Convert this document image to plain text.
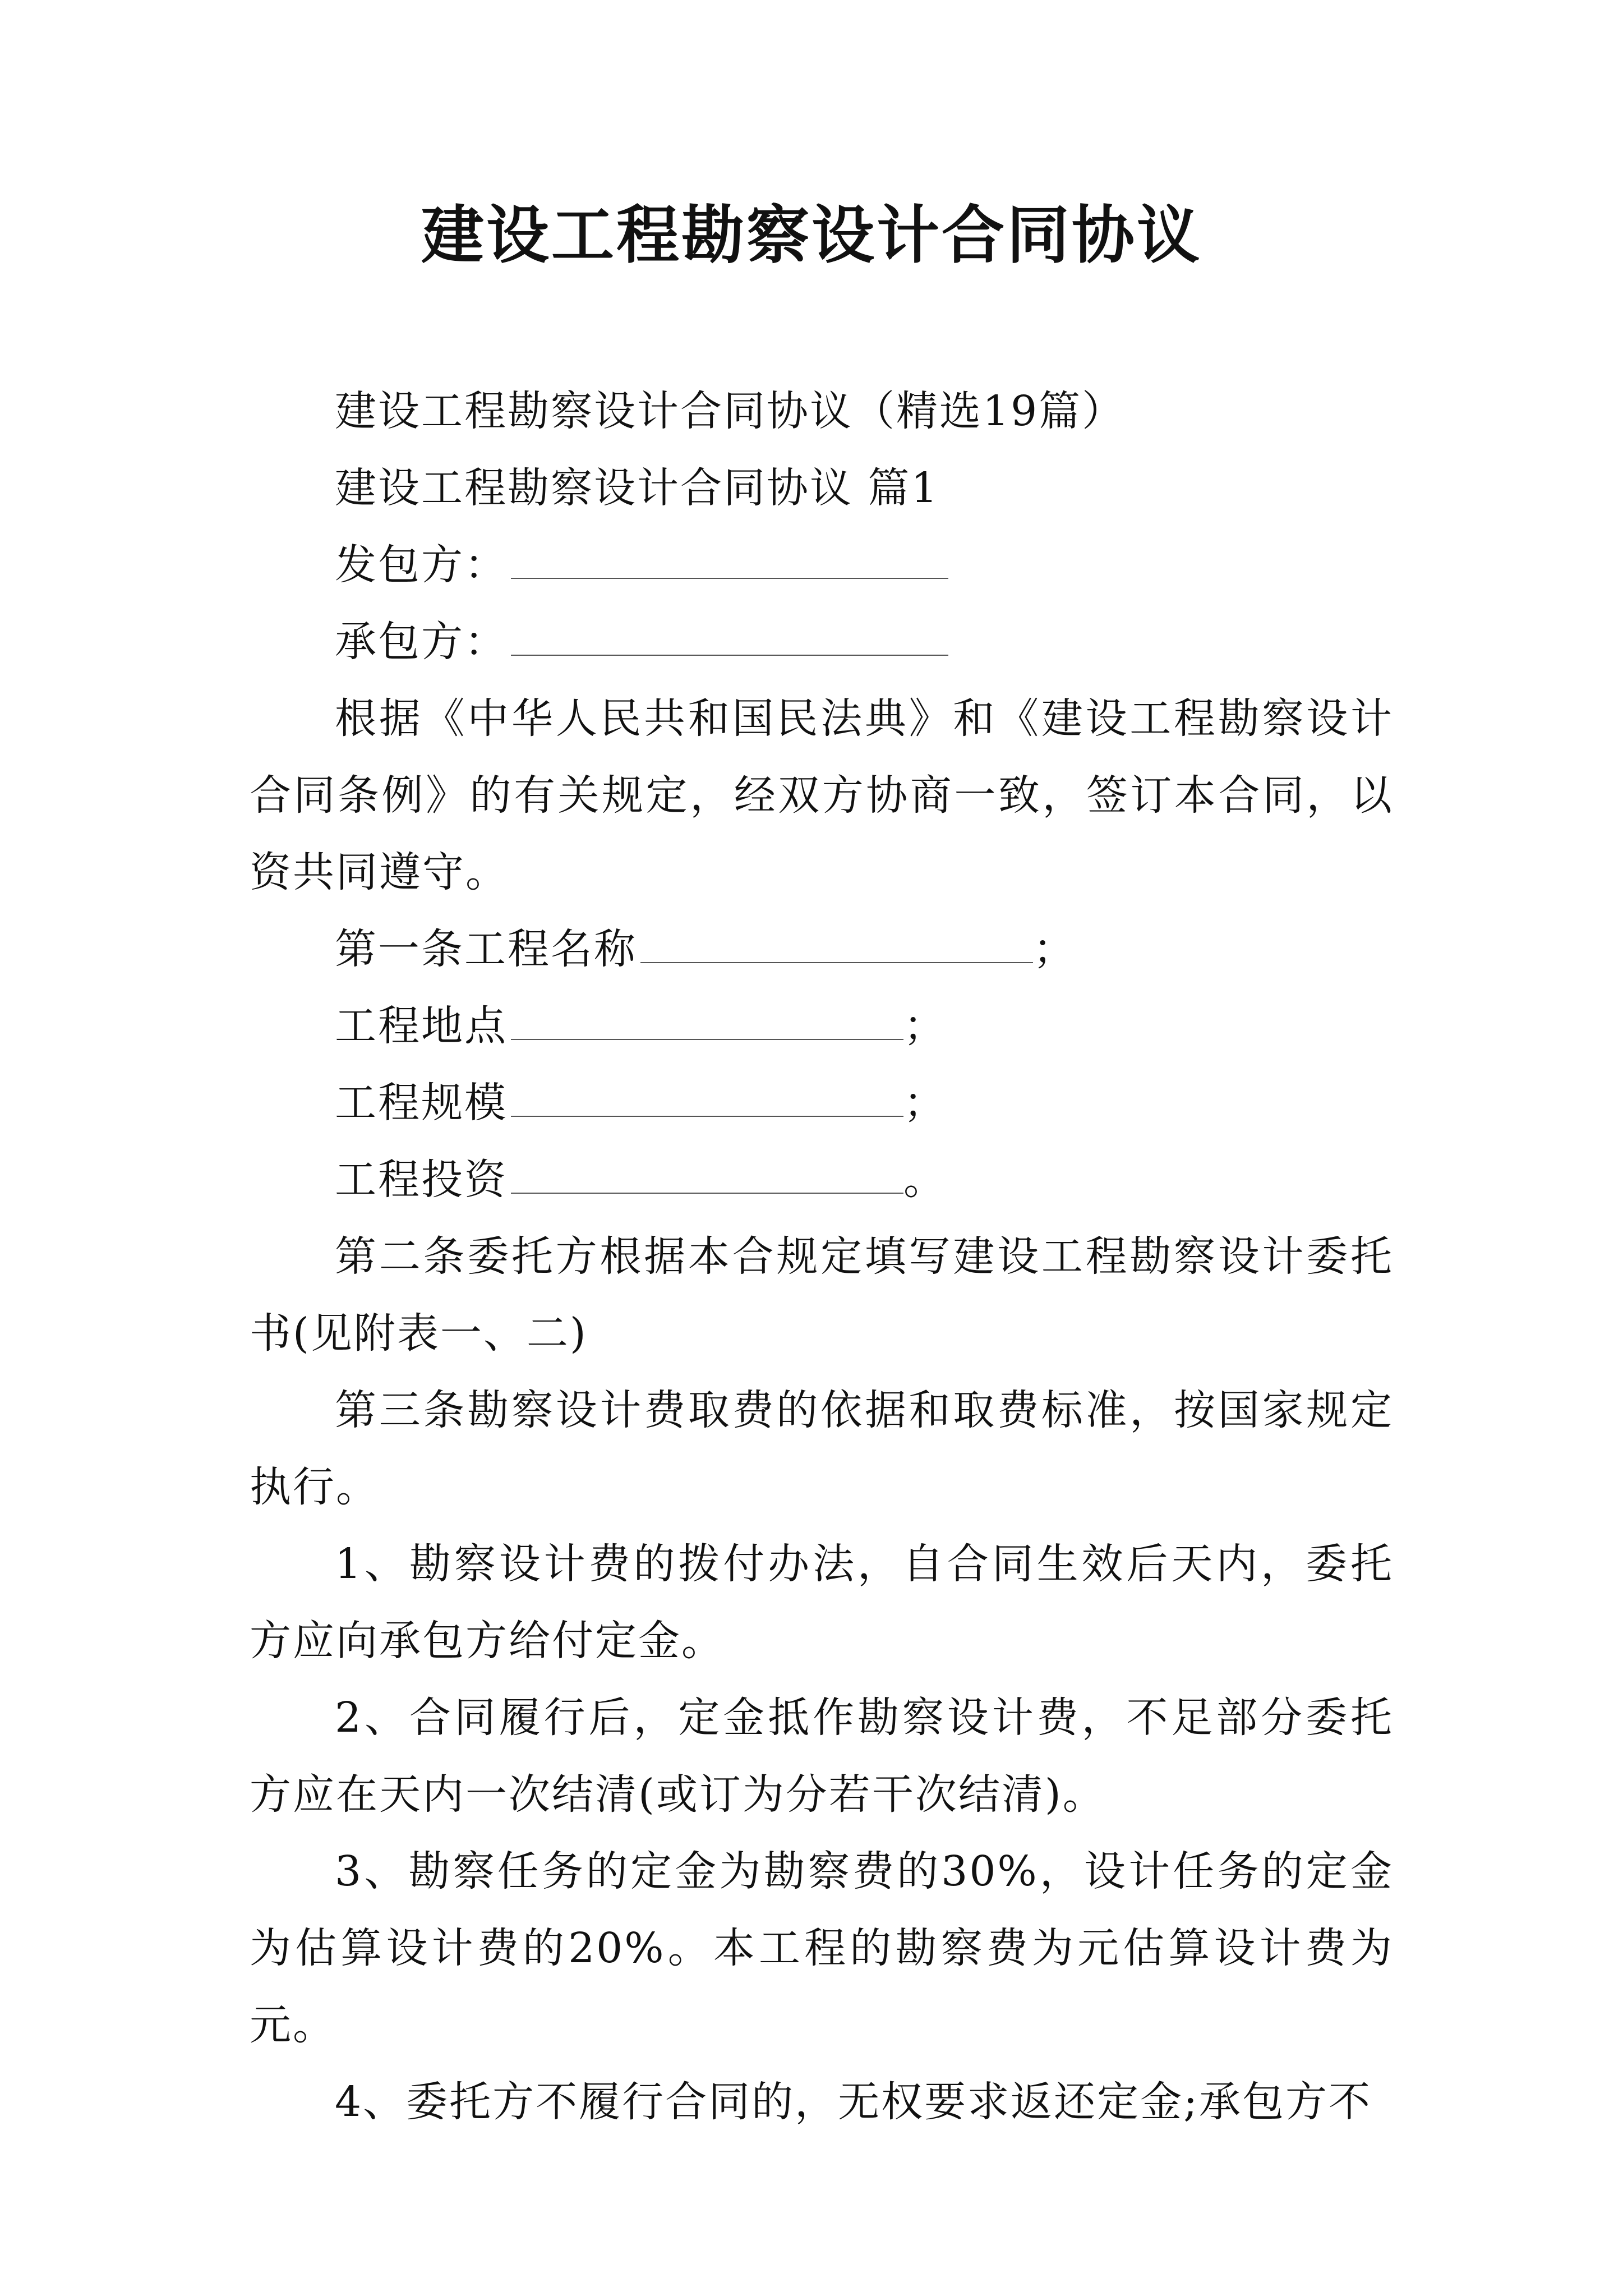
建设工程勘察设计合同协议

建设工程勘察设计合同协议（精选19篇）

建设工程勘察设计合同协议 篇1

发包方：

承包方：

根据《中华人民共和国民法典》和《建设工程勘察设计合同条例》的有关规定，经双方协商一致，签订本合同，以资共同遵守。

第一条工程名称	；

工程地点	；

工程规模	；

工程投资	。

第二条委托方根据本合规定填写建设工程勘察设计委托书(见附表一、二)

第三条勘察设计费取费的依据和取费标准，按国家规定执行。

1、勘察设计费的拨付办法，自合同生效后天内，委托方应向承包方给付定金。

2、合同履行后，定金抵作勘察设计费，不足部分委托方应在天内一次结清(或订为分若干次结清)。

3、勘察任务的定金为勘察费的30%，设计任务的定金为估算设计费的20%。本工程的勘察费为元估算设计费为元。

4、委托方不履行合同的，无权要求返还定金;承包方不
